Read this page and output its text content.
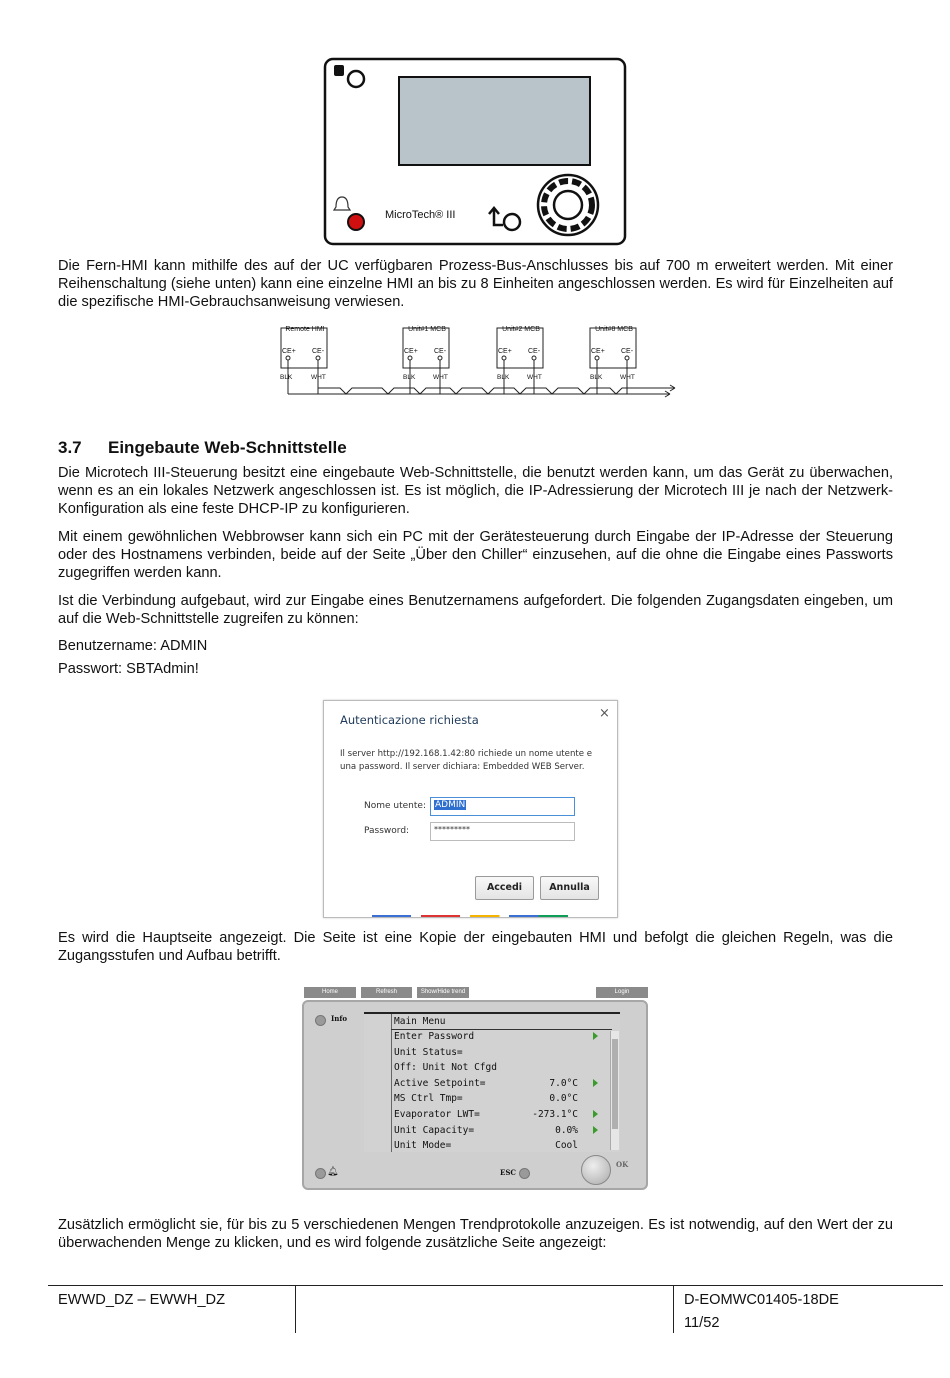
MicroTech® III

Die Fern-HMI kann mithilfe des auf der UC verfügbaren Prozess-Bus-Anschlusses bis auf 700 m erweitert werden. Mit einer Reihenschaltung (siehe unten) kann eine einzelne HMI an bis zu 8 Einheiten angeschlossen werden. Es wird für Einzelheiten auf die spezifische HMI-Gebrauchsanweisung verwiesen.

Remote HMI	Unit#1 MCB	Unit#2 MCB	Unit#8 MCB
CE+ CE-	CE+ CE-	CE+ CE-	CE+ CE-
BLK	WHT	BLK	WHT	BLK	WHT	BLK	WHT
3.7 Eingebaute Web-Schnittstelle

Die Microtech III-Steuerung besitzt eine eingebaute Web-Schnittstelle, die benutzt werden kann, um das Gerät zu überwachen, wenn es an ein lokales Netzwerk angeschlossen ist. Es ist möglich, die IP-Adressierung der Microtech III je nach der Netzwerk-Konfiguration als eine feste DHCP-IP zu konfigurieren.

Mit einem gewöhnlichen Webbrowser kann sich ein PC mit der Gerätesteuerung durch Eingabe der IP-Adresse der Steuerung oder des Hostnamens verbinden, beide auf der Seite „Über den Chiller“ einzusehen, auf die ohne die Eingabe eines Passworts zugegriffen werden kann.

Ist die Verbindung aufgebaut, wird zur Eingabe eines Benutzernamens aufgefordert. Die folgenden Zugangsdaten eingeben, um auf die Web-Schnittstelle zugreifen zu können:

Benutzername: ADMIN
Passwort: SBTAdmin!
Autenticazione richiesta	×
Il server http://192.168.1.42:80 richiede un nome utente e
una password. Il server dichiara: Embedded WEB Server.
Nome utente: ADMIN
Password:	*********
Accedi	Annulla

Es wird die Hauptseite angezeigt. Die Seite ist eine Kopie der eingebauten HMI und befolgt die gleichen Regeln, was die Zugangsstufen und Aufbau betrifft.

Home	Refresh	Show/Hide trend	Login
Info
🔔︎	ESC
OK
Main Menu
Enter Password
Unit Status=
Off: Unit Not Cfgd
Active Setpoint=	7.0°C
MS Ctrl Tmp=	0.0°C
Evaporator LWT=	-273.1°C
Unit Capacity=	0.0%
Unit Mode=	Cool

Zusätzlich ermöglicht sie, für bis zu 5 verschiedenen Mengen Trendprotokolle anzuzeigen. Es ist notwendig, auf den Wert der zu überwachenden Menge zu klicken, und es wird folgende zusätzliche Seite angezeigt:

EWWD_DZ – EWWH_DZ	D-EOMWC01405-18DE
11/52
